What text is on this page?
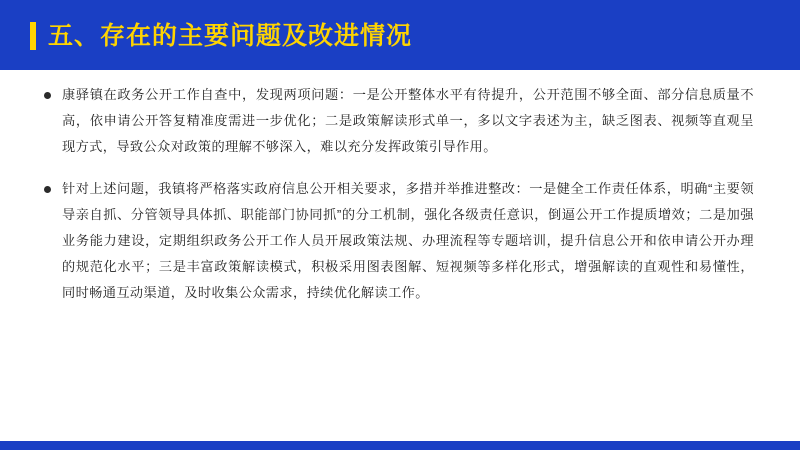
五、存在的主要问题及改进情况
康驿镇在政务公开工作自查中，发现两项问题：一是公开整体水平有待提升，公开范围不够全面、部分信息质量不高，依申请公开答复精准度需进一步优化；二是政策解读形式单一，多以文字表述为主，缺乏图表、视频等直观呈现方式，导致公众对政策的理解不够深入，难以充分发挥政策引导作用。
针对上述问题，我镇将严格落实政府信息公开相关要求，多措并举推进整改：一是健全工作责任体系，明确“主要领导亲自抓、分管领导具体抓、职能部门协同抓”的分工机制，强化各级责任意识，倒逼公开工作提质增效；二是加强业务能力建设，定期组织政务公开工作人员开展政策法规、办理流程等专题培训，提升信息公开和依申请公开办理的规范化水平；三是丰富政策解读模式，积极采用图表图解、短视频等多样化形式，增强解读的直观性和易懂性，同时畅通互动渠道，及时收集公众需求，持续优化解读工作。
